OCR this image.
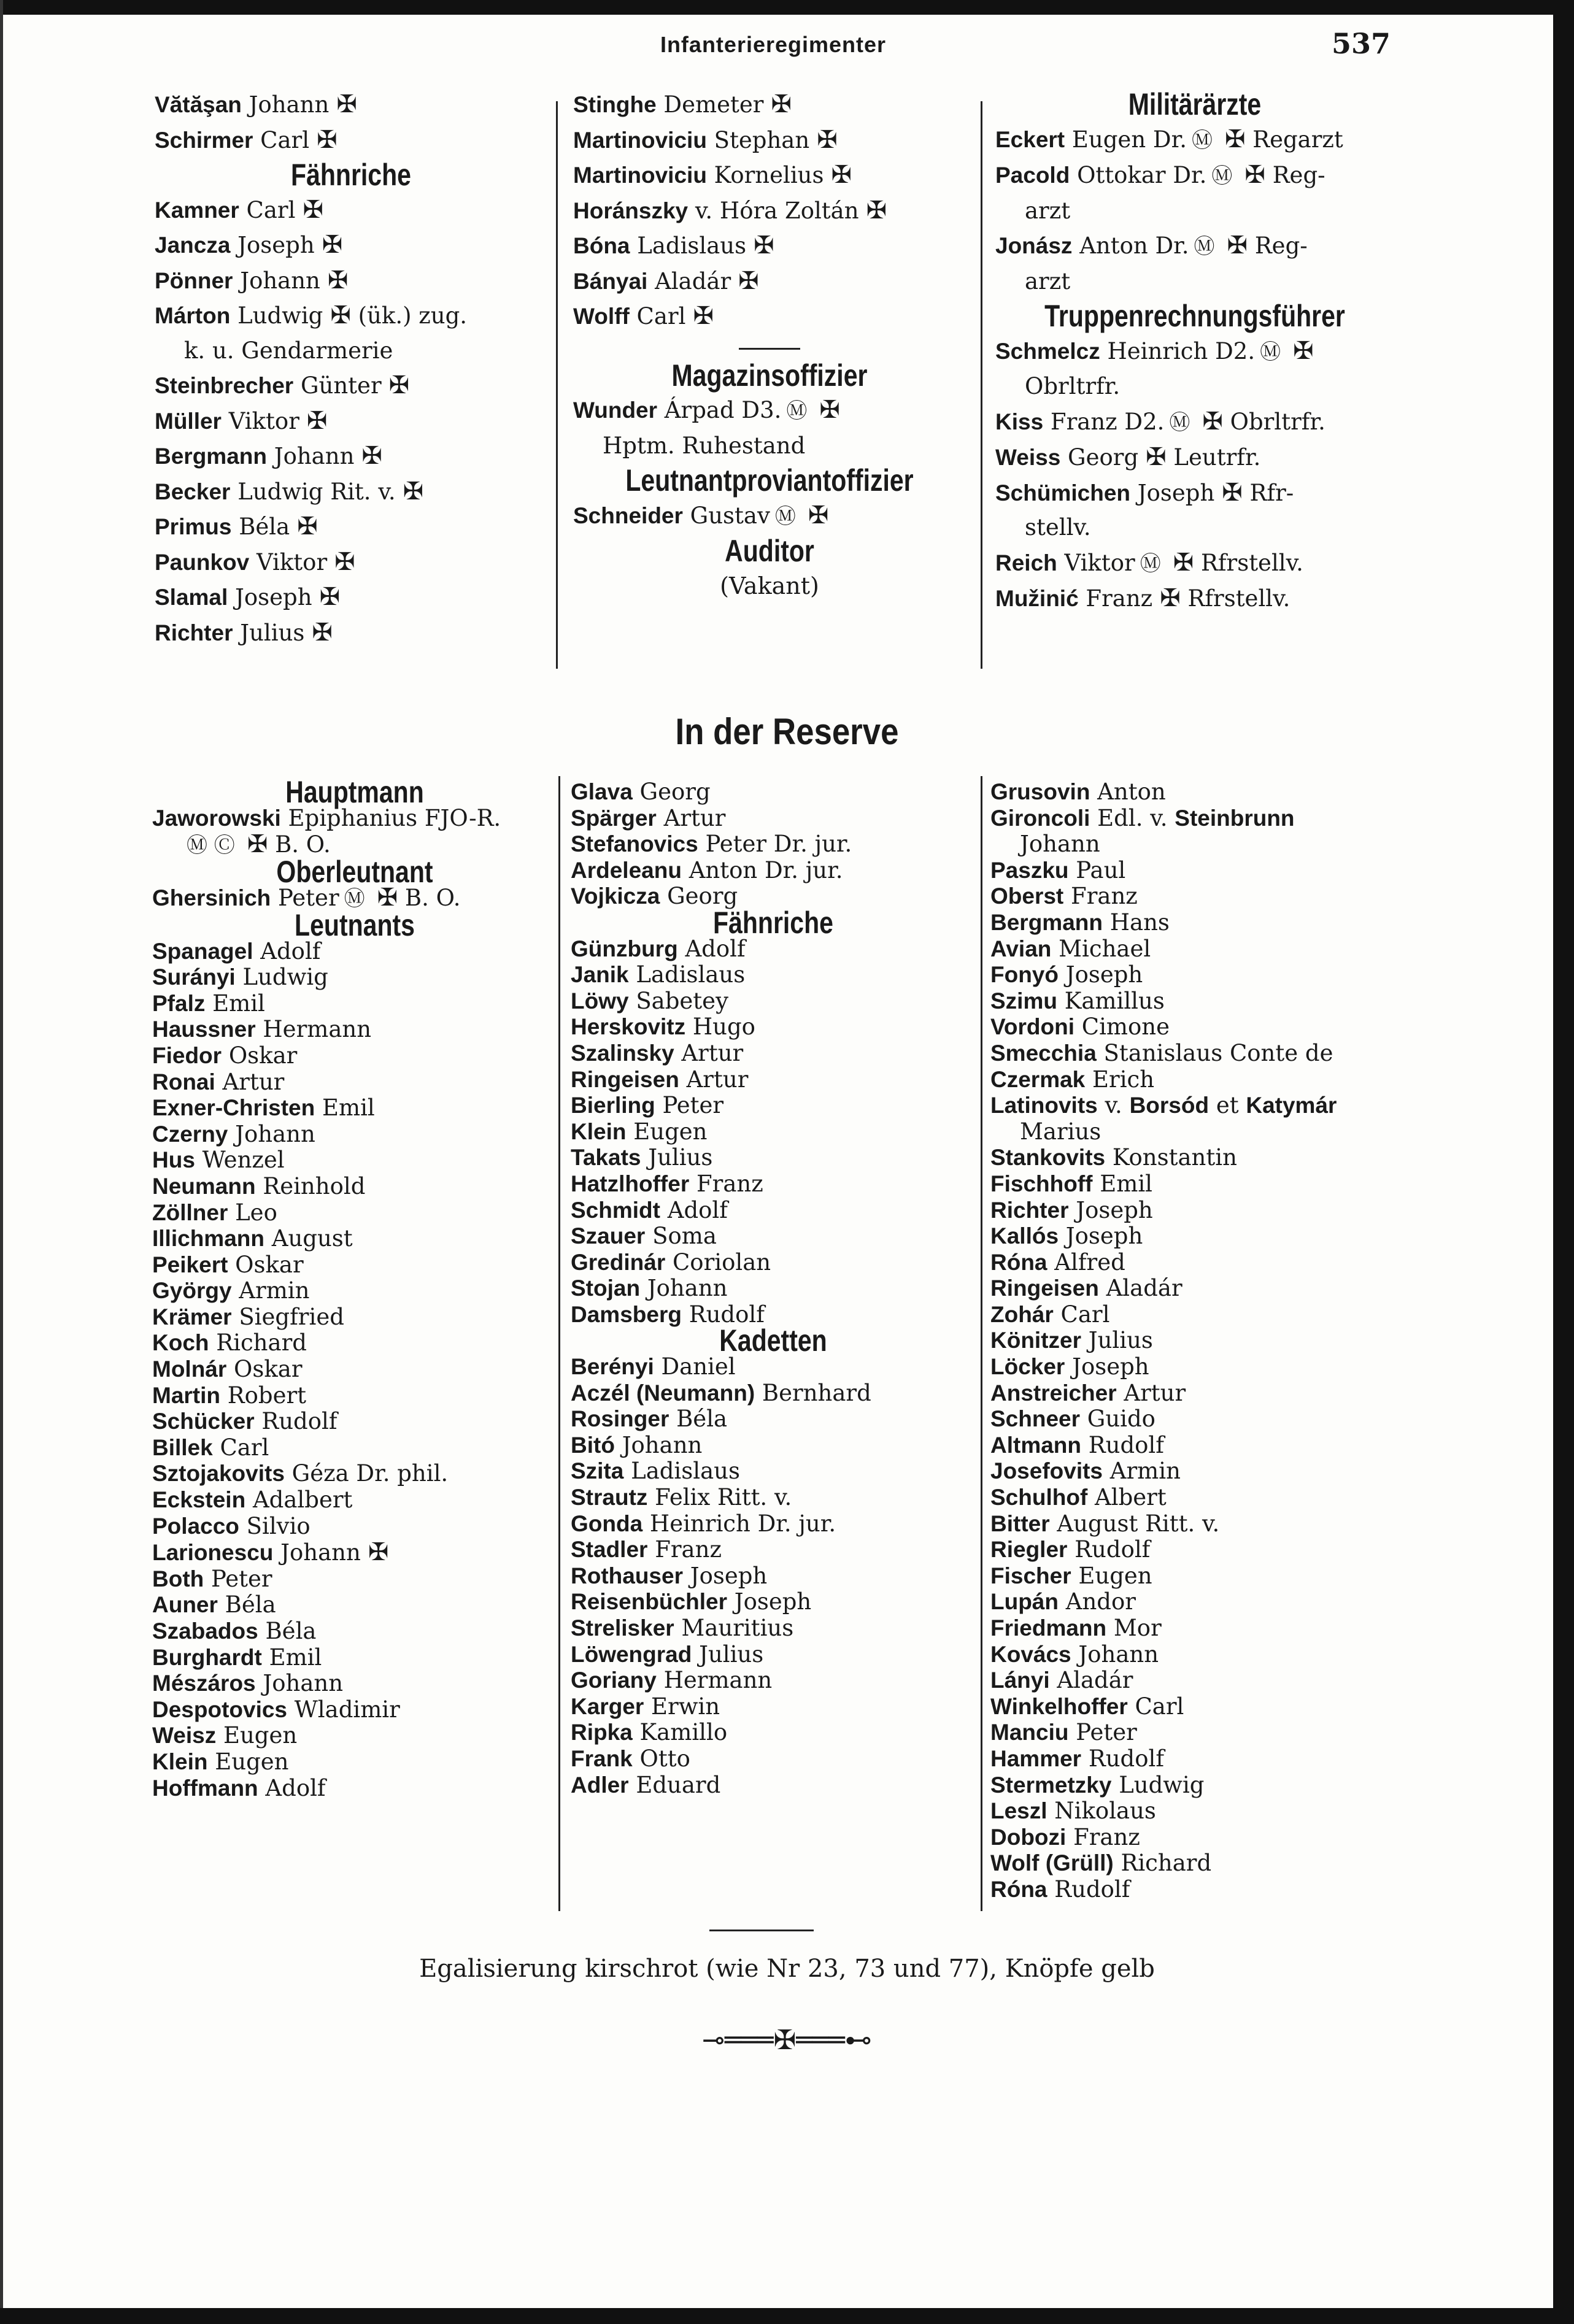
Infanterieregimenter	537
Vătăşan Johann ✠
Schirmer Carl ✠
Fähnriche
Kamner Carl ✠
Jancza Joseph ✠
Pönner Johann ✠
Márton Ludwig ✠ (ük.) zug.
k. u. Gendarmerie
Steinbrecher Günter ✠
Müller Viktor ✠
Bergmann Johann ✠
Becker Ludwig Rit. v. ✠
Primus Béla ✠
Paunkov Viktor ✠
Slamal Joseph ✠
Richter Julius ✠
Stinghe Demeter ✠
Martinoviciu Stephan ✠
Martinoviciu Kornelius ✠
Horánszky v. Hóra Zoltán ✠
Bóna Ladislaus ✠
Bányai Aladár ✠
Wolff Carl ✠
Magazinsoffizier
Wunder Árpad D3. Ⓜ ✠
Hptm. Ruhestand
Leutnantproviantoffizier
Schneider Gustav Ⓜ ✠
Auditor
(Vakant)
Militärärzte
Eckert Eugen Dr. Ⓜ ✠ Regarzt
Pacold Ottokar Dr. Ⓜ ✠ Reg-
arzt
Jonász Anton Dr. Ⓜ ✠ Reg-
arzt
Truppenrechnungsführer
Schmelcz Heinrich D2. Ⓜ ✠
Obrltrfr.
Kiss Franz D2. Ⓜ ✠ Obrltrfr.
Weiss Georg ✠ Leutrfr.
Schümichen Joseph ✠ Rfr-
stellv.
Reich Viktor Ⓜ ✠ Rfrstellv.
Mužinić Franz ✠ Rfrstellv.
In der Reserve
Hauptmann
Jaworowski Epiphanius FJO-R.
Ⓜ Ⓒ ✠ B. O.
Oberleutnant
Ghersinich Peter Ⓜ ✠ B. O.
Leutnants
Spanagel Adolf
Surányi Ludwig
Pfalz Emil
Haussner Hermann
Fiedor Oskar
Ronai Artur
Exner-Christen Emil
Czerny Johann
Hus Wenzel
Neumann Reinhold
Zöllner Leo
Illichmann August
Peikert Oskar
György Armin
Krämer Siegfried
Koch Richard
Molnár Oskar
Martin Robert
Schücker Rudolf
Billek Carl
Sztojakovits Géza Dr. phil.
Eckstein Adalbert
Polacco Silvio
Larionescu Johann ✠
Both Peter
Auner Béla
Szabados Béla
Burghardt Emil
Mészáros Johann
Despotovics Wladimir
Weisz Eugen
Klein Eugen
Hoffmann Adolf
Glava Georg
Spärger Artur
Stefanovics Peter Dr. jur.
Ardeleanu Anton Dr. jur.
Vojkicza Georg
Fähnriche
Günzburg Adolf
Janik Ladislaus
Löwy Sabetey
Herskovitz Hugo
Szalinsky Artur
Ringeisen Artur
Bierling Peter
Klein Eugen
Takats Julius
Hatzlhoffer Franz
Schmidt Adolf
Szauer Soma
Gredinár Coriolan
Stojan Johann
Damsberg Rudolf
Kadetten
Berényi Daniel
Aczél (Neumann) Bernhard
Rosinger Béla
Bitó Johann
Szita Ladislaus
Strautz Felix Ritt. v.
Gonda Heinrich Dr. jur.
Stadler Franz
Rothauser Joseph
Reisenbüchler Joseph
Strelisker Mauritius
Löwengrad Julius
Goriany Hermann
Karger Erwin
Ripka Kamillo
Frank Otto
Adler Eduard
Grusovin Anton
Gironcoli Edl. v. Steinbrunn
Johann
Paszku Paul
Oberst Franz
Bergmann Hans
Avian Michael
Fonyó Joseph
Szimu Kamillus
Vordoni Cimone
Smecchia Stanislaus Conte de
Czermak Erich
Latinovits v. Borsód et Katymár
Marius
Stankovits Konstantin
Fischhoff Emil
Richter Joseph
Kallós Joseph
Róna Alfred
Ringeisen Aladár
Zohár Carl
Könitzer Julius
Löcker Joseph
Anstreicher Artur
Schneer Guido
Altmann Rudolf
Josefovits Armin
Schulhof Albert
Bitter August Ritt. v.
Riegler Rudolf
Fischer Eugen
Lupán Andor
Friedmann Mor
Kovács Johann
Lányi Aladár
Winkelhoffer Carl
Manciu Peter
Hammer Rudolf
Stermetzky Ludwig
Leszl Nikolaus
Dobozi Franz
Wolf (Grüll) Richard
Róna Rudolf
Egalisierung kirschrot (wie Nr 23, 73 und 77), Knöpfe gelb
⊸═══✠═══⊷
